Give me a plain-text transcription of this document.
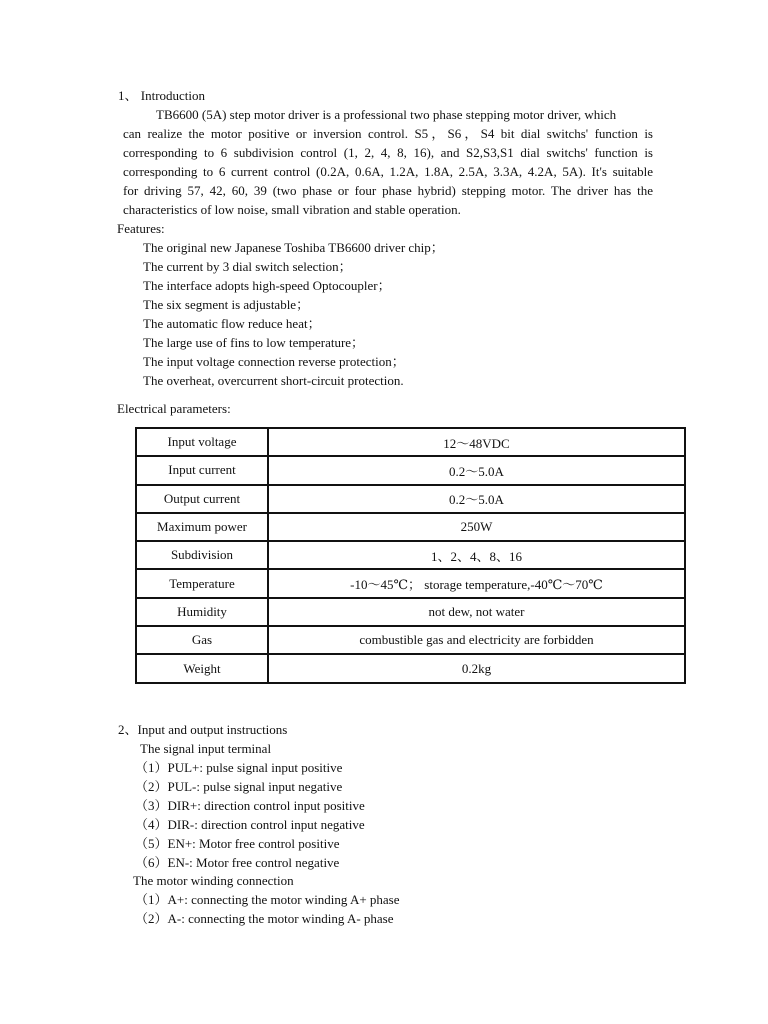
1、 Introduction
TB6600 (5A) step motor driver is a professional two phase stepping motor driver, which
can realize the motor positive or inversion control. S5，S6，S4 bit dial switchs' function is
corresponding to 6 subdivision control (1, 2, 4, 8, 16), and S2,S3,S1 dial switchs' function is
corresponding to 6 current control (0.2A, 0.6A, 1.2A, 1.8A, 2.5A, 3.3A, 4.2A, 5A). It's suitable
for driving 57, 42, 60, 39 (two phase or four phase hybrid) stepping motor. The driver has the
characteristics of low noise, small vibration and stable operation.
Features:
The original new Japanese Toshiba TB6600 driver chip；
The current by 3 dial switch selection；
The interface adopts high-speed Optocoupler；
The six segment is adjustable；
The automatic flow reduce heat；
The large use of fins to low temperature；
The input voltage connection reverse protection；
The overheat, overcurrent short-circuit protection.
Electrical parameters:
Input voltage	12～48VDC
Input current	0.2～5.0A
Output current	0.2～5.0A
Maximum power	250W
Subdivision	1、2、4、8、16
Temperature	-10～45℃； storage temperature,-40℃～70℃
Humidity	not dew, not water
Gas	combustible gas and electricity are forbidden
Weight	0.2kg
2、Input and output instructions
The signal input terminal
（1）PUL+: pulse signal input positive
（2）PUL-: pulse signal input negative
（3）DIR+: direction control input positive
（4）DIR-: direction control input negative
（5）EN+: Motor free control positive
（6）EN-: Motor free control negative
The motor winding connection
（1）A+: connecting the motor winding A+ phase
（2）A-: connecting the motor winding A- phase
